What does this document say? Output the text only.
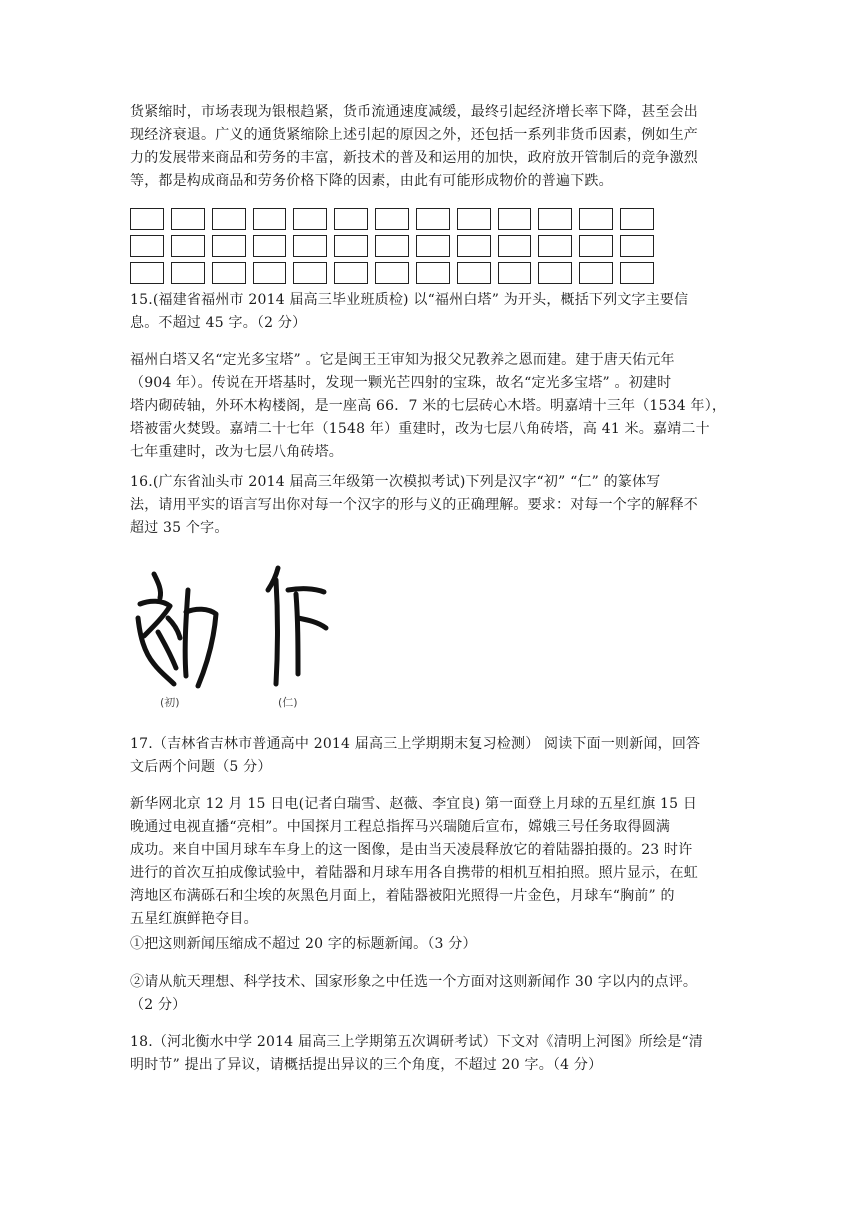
货紧缩时，市场表现为银根趋紧，货币流通速度减缓，最终引起经济增长率下降，甚至会出
现经济衰退。广义的通货紧缩除上述引起的原因之外，还包括一系列非货币因素，例如生产
力的发展带来商品和劳务的丰富，新技术的普及和运用的加快，政府放开管制后的竞争激烈
等，都是构成商品和劳务价格下降的因素，由此有可能形成物价的普遍下跌。

15.(福建省福州市 2014 届高三毕业班质检) 以“福州白塔” 为开头，概括下列文字主要信
息。不超过 45 字。（2 分）

福州白塔又名“定光多宝塔” 。它是闽王王审知为报父兄教养之恩而建。建于唐天佑元年
（904 年）。传说在开塔基时，发现一颗光芒四射的宝珠，故名“定光多宝塔” 。初建时
塔内砌砖轴，外环木构楼阁，是一座高 66．7 米的七层砖心木塔。明嘉靖十三年（1534 年），
塔被雷火焚毁。嘉靖二十七年（1548 年）重建时，改为七层八角砖塔，高 41 米。嘉靖二十
七年重建时，改为七层八角砖塔。

16.(广东省汕头市 2014 届高三年级第一次模拟考试)下列是汉字“初” “仁” 的篆体写
法，请用平实的语言写出你对每一个汉字的形与义的正确理解。要求：对每一个字的解释不
超过 35 个字。

(初)	(仁)

17.（吉林省吉林市普通高中 2014 届高三上学期期末复习检测） 阅读下面一则新闻，回答
文后两个问题（5 分）

新华网北京 12 月 15 日电(记者白瑞雪、赵薇、李宜良) 第一面登上月球的五星红旗 15 日
晚通过电视直播“亮相”。中国探月工程总指挥马兴瑞随后宣布，嫦娥三号任务取得圆满
成功。来自中国月球车车身上的这一图像，是由当天凌晨释放它的着陆器拍摄的。23 时许
进行的首次互拍成像试验中，着陆器和月球车用各自携带的相机互相拍照。照片显示，在虹
湾地区布满砾石和尘埃的灰黑色月面上，着陆器被阳光照得一片金色，月球车“胸前” 的
五星红旗鲜艳夺目。

①把这则新闻压缩成不超过 20 字的标题新闻。（3 分）

②请从航天理想、科学技术、国家形象之中任选一个方面对这则新闻作 30 字以内的点评。
（2 分）

18.（河北衡水中学 2014 届高三上学期第五次调研考试）下文对《清明上河图》所绘是“清
明时节” 提出了异议，请概括提出异议的三个角度，不超过 20 字。（4 分）
